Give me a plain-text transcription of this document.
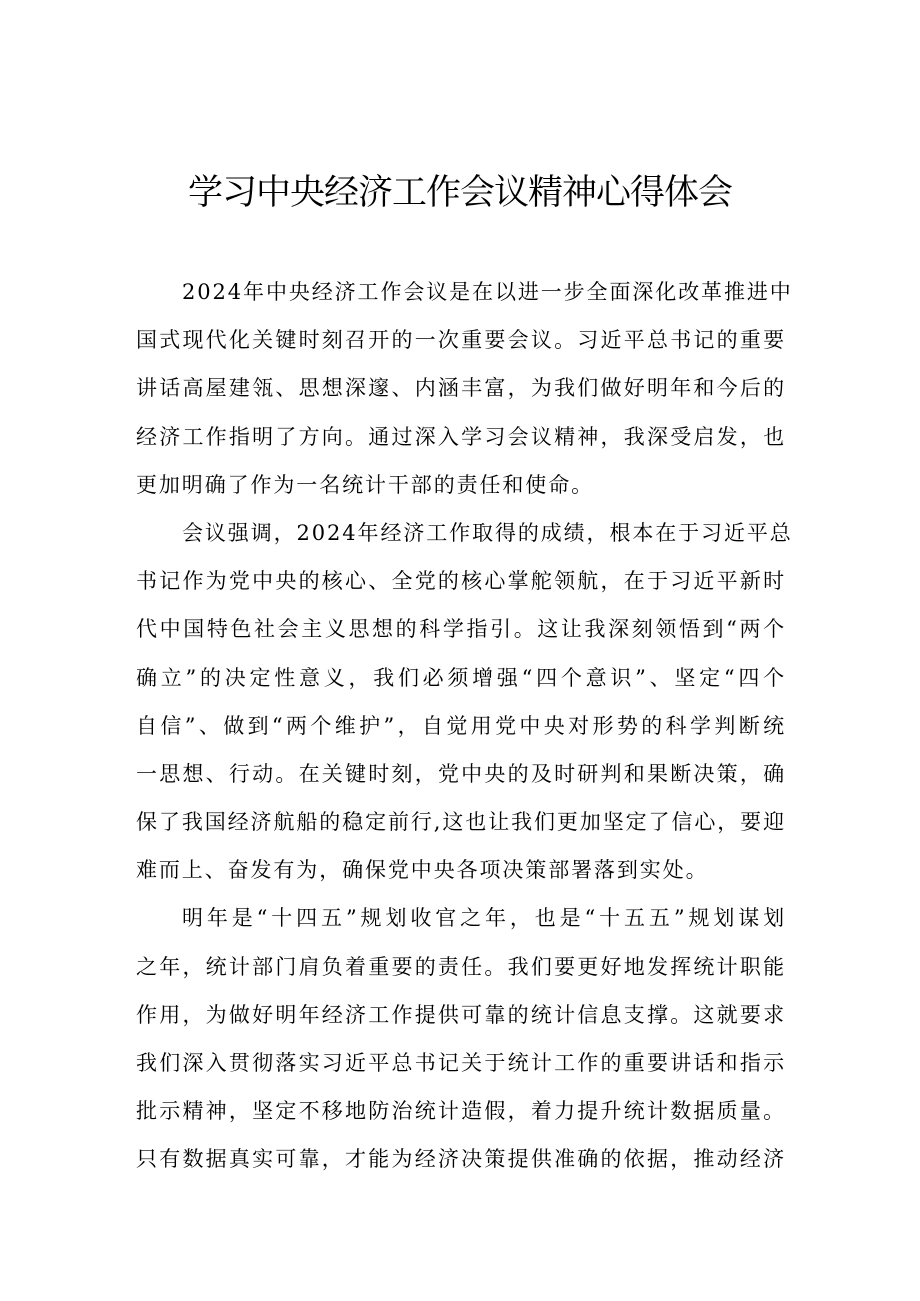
学习中央经济工作会议精神心得体会
2024年中央经济工作会议是在以进一步全面深化改革推进中
国式现代化关键时刻召开的一次重要会议。习近平总书记的重要
讲话高屋建瓴、思想深邃、内涵丰富，为我们做好明年和今后的
经济工作指明了方向。通过深入学习会议精神，我深受启发，也
更加明确了作为一名统计干部的责任和使命。
会议强调，2024年经济工作取得的成绩，根本在于习近平总
书记作为党中央的核心、全党的核心掌舵领航，在于习近平新时
代中国特色社会主义思想的科学指引。这让我深刻领悟到“两个
确立”的决定性意义，我们必须增强“四个意识”、坚定“四个
自信”、做到“两个维护”，自觉用党中央对形势的科学判断统
一思想、行动。在关键时刻，党中央的及时研判和果断决策，确
保了我国经济航船的稳定前行,这也让我们更加坚定了信心，要迎
难而上、奋发有为，确保党中央各项决策部署落到实处。
明年是“十四五”规划收官之年，也是“十五五”规划谋划
之年，统计部门肩负着重要的责任。我们要更好地发挥统计职能
作用，为做好明年经济工作提供可靠的统计信息支撑。这就要求
我们深入贯彻落实习近平总书记关于统计工作的重要讲话和指示
批示精神，坚定不移地防治统计造假，着力提升统计数据质量。
只有数据真实可靠，才能为经济决策提供准确的依据，推动经济
